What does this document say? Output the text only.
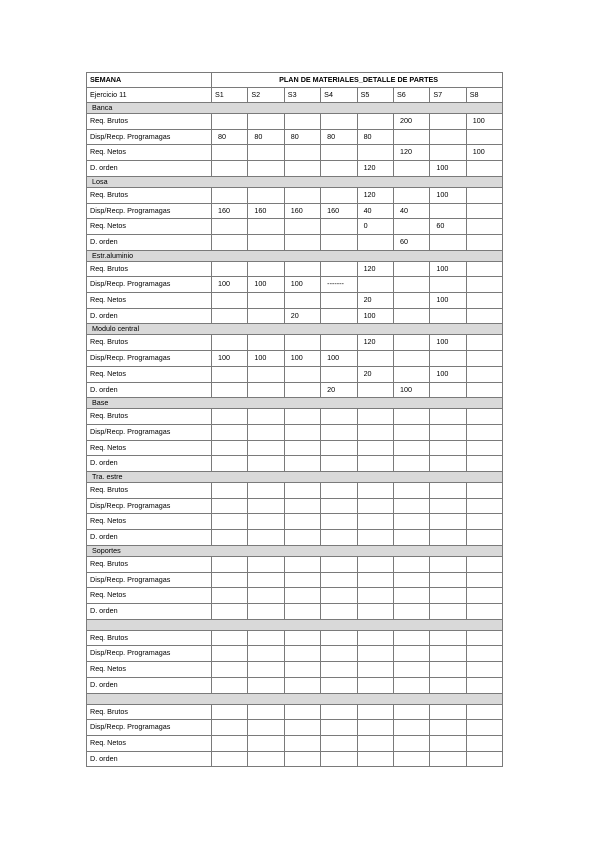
SEMANA	PLAN DE MATERIALES_DETALLE DE PARTES							
Ejercicio 11	S1	S2	S3	S4	S5	S6	S7	S8
Banca								
Req. Brutos						200		100
Disp/Recp. Programagas	80	80	80	80	80			
Req. Netos						120		100
D. orden					120		100	
Losa								
Req. Brutos					120		100	
Disp/Recp. Programagas	160	160	160	160	40	40		
Req. Netos					0		60	
D. orden						60		
Estr.aluminio								
Req. Brutos					120		100	
Disp/Recp. Programagas	100	100	100	-------				
Req. Netos					20		100	
D. orden			20		100			
Modulo central								
Req. Brutos					120		100	
Disp/Recp. Programagas	100	100	100	100				
Req. Netos					20		100	
D. orden				20		100		
Base								
Req. Brutos								
Disp/Recp. Programagas								
Req. Netos								
D. orden								
Tra. estre								
Req. Brutos								
Disp/Recp. Programagas								
Req. Netos								
D. orden								
Soportes								
Req. Brutos								
Disp/Recp. Programagas								
Req. Netos								
D. orden								

Req. Brutos								
Disp/Recp. Programagas								
Req. Netos								
D. orden								

Req. Brutos								
Disp/Recp. Programagas								
Req. Netos								
D. orden								
